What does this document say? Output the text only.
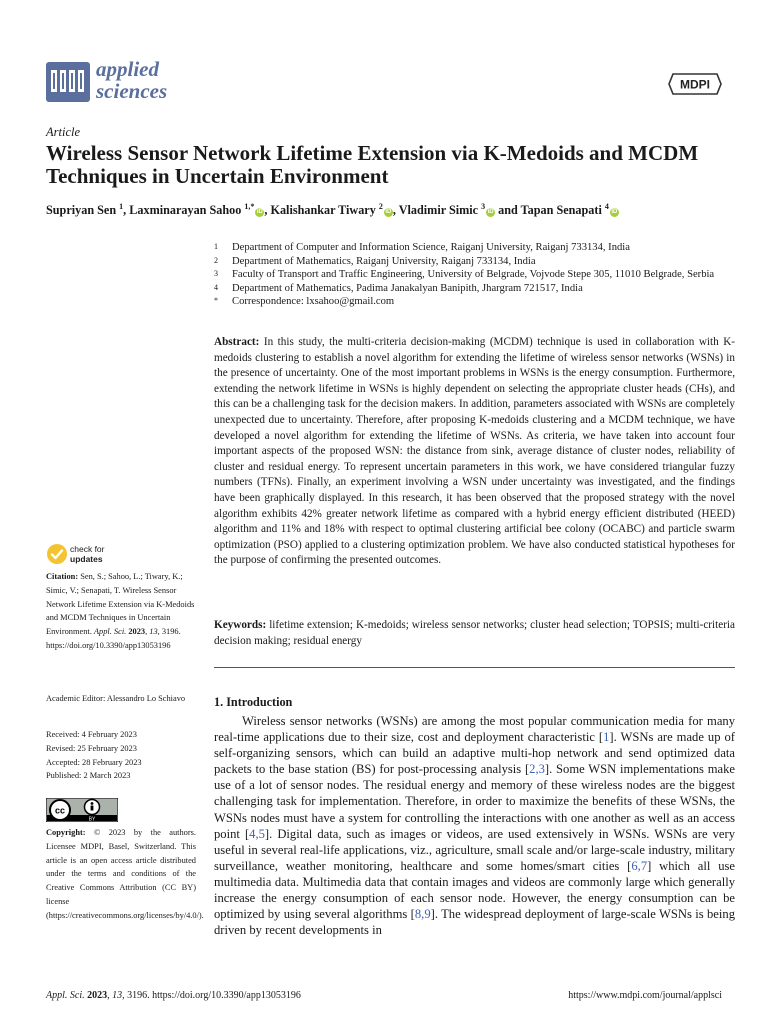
applied
sciences	MDPI
Article
Wireless Sensor Network Lifetime Extension via K-Medoids and MCDM Techniques in Uncertain Environment
Supriyan Sen $^1$, Laxminarayan Sahoo $^{1,*}$iD , Kalishankar Tiwary $^2$iD , Vladimir Simic $^3$iD and Tapan Senapati $^4$iD
1 Department of Computer and Information Science, Raiganj University, Raiganj 733134, India
2 Department of Mathematics, Raiganj University, Raiganj 733134, India
3 Faculty of Transport and Traffic Engineering, University of Belgrade, Vojvode Stepe 305, 11010 Belgrade, Serbia
4 Department of Mathematics, Padima Janakalyan Banipith, Jhargram 721517, India
* Correspondence: lxsahoo@gmail.com
Abstract: In this study, the multi-criteria decision-making (MCDM) technique is used in collaboration with K-medoids clustering to establish a novel algorithm for extending the lifetime of wireless sensor networks (WSNs) in the presence of uncertainty. One of the most important problems in WSNs is the energy consumption. Furthermore, extending the network lifetime in WSNs is highly dependent on selecting the appropriate cluster heads (CHs), and this can be a challenging task for the decision makers. In addition, parameters associated with WSNs are completely unexpected due to uncertainty. Therefore, after proposing K-medoids clustering and a MCDM technique, we have developed a novel algorithm for extending the lifetime of WSNs. As criteria, we have taken into account four important aspects of the proposed WSN: the distance from sink, average distance of cluster nodes, reliability of cluster and residual energy. To represent uncertain parameters in this work, we have considered triangular fuzzy numbers (TFNs). Finally, an experiment involving a WSN under uncertainty was investigated, and the findings have been graphically displayed. In this research, it has been observed that the proposed strategy with the novel algorithm exhibits 42% greater network lifetime as compared with a hybrid energy efficient distributed (HEED) algorithm and 11% and 18% with respect to optimal clustering artificial bee colony (OCABC) and particle swarm optimization (PSO) applied to a clustering optimization problem. We have also conducted statistical hypotheses for the purpose of confirming the presented outcomes.
Keywords: lifetime extension; K-medoids; wireless sensor networks; cluster head selection; TOPSIS; multi-criteria decision making; residual energy
1. Introduction

Wireless sensor networks (WSNs) are among the most popular communication media for many real-time applications due to their size, cost and deployment characteristic [1]. WSNs are made up of self-organizing sensors, which can build an adaptive multi-hop network and send optimized data packets to the base station (BS) for post-processing analysis [2,3]. Some WSN implementations make use of a lot of sensor nodes. The residual energy and memory of these wireless nodes are the biggest challenging task for implementation. Therefore, in order to maximize the benefits of these WSNs, the WSNs nodes must have a system for controlling the interactions with one another as well as an access point [4,5]. Digital data, such as images or videos, are used extensively in WSNs. WSNs are very useful in several real-life applications, viz., agriculture, small scale and/or large-scale industry, military surveillance, weather monitoring, healthcare and some homes/smart cities [6,7] which all use multimedia data. Multimedia data that contain images and videos are commonly large which generally increase the energy consumption of each sensor node. However, the energy consumption can be optimized by using several algorithms [8,9]. The widespread deployment of large-scale WSNs is being driven by recent developments in

check for
updates
Citation: Sen, S.; Sahoo, L.; Tiwary, K.; Simic, V.; Senapati, T. Wireless Sensor Network Lifetime Extension via K-Medoids and MCDM Techniques in Uncertain Environment. Appl. Sci. 2023, 13, 3196. https://doi.org/10.3390/app13053196
Academic Editor: Alessandro Lo Schiavo
Received: 4 February 2023
Revised: 25 February 2023
Accepted: 28 February 2023
Published: 2 March 2023
cc
BY
Copyright: © 2023 by the authors. Licensee MDPI, Basel, Switzerland. This article is an open access article distributed under the terms and conditions of the Creative Commons Attribution (CC BY) license (https://creativecommons.org/licenses/by/4.0/).
Appl. Sci. 2023, 13, 3196. https://doi.org/10.3390/app13053196	https://www.mdpi.com/journal/applsci
